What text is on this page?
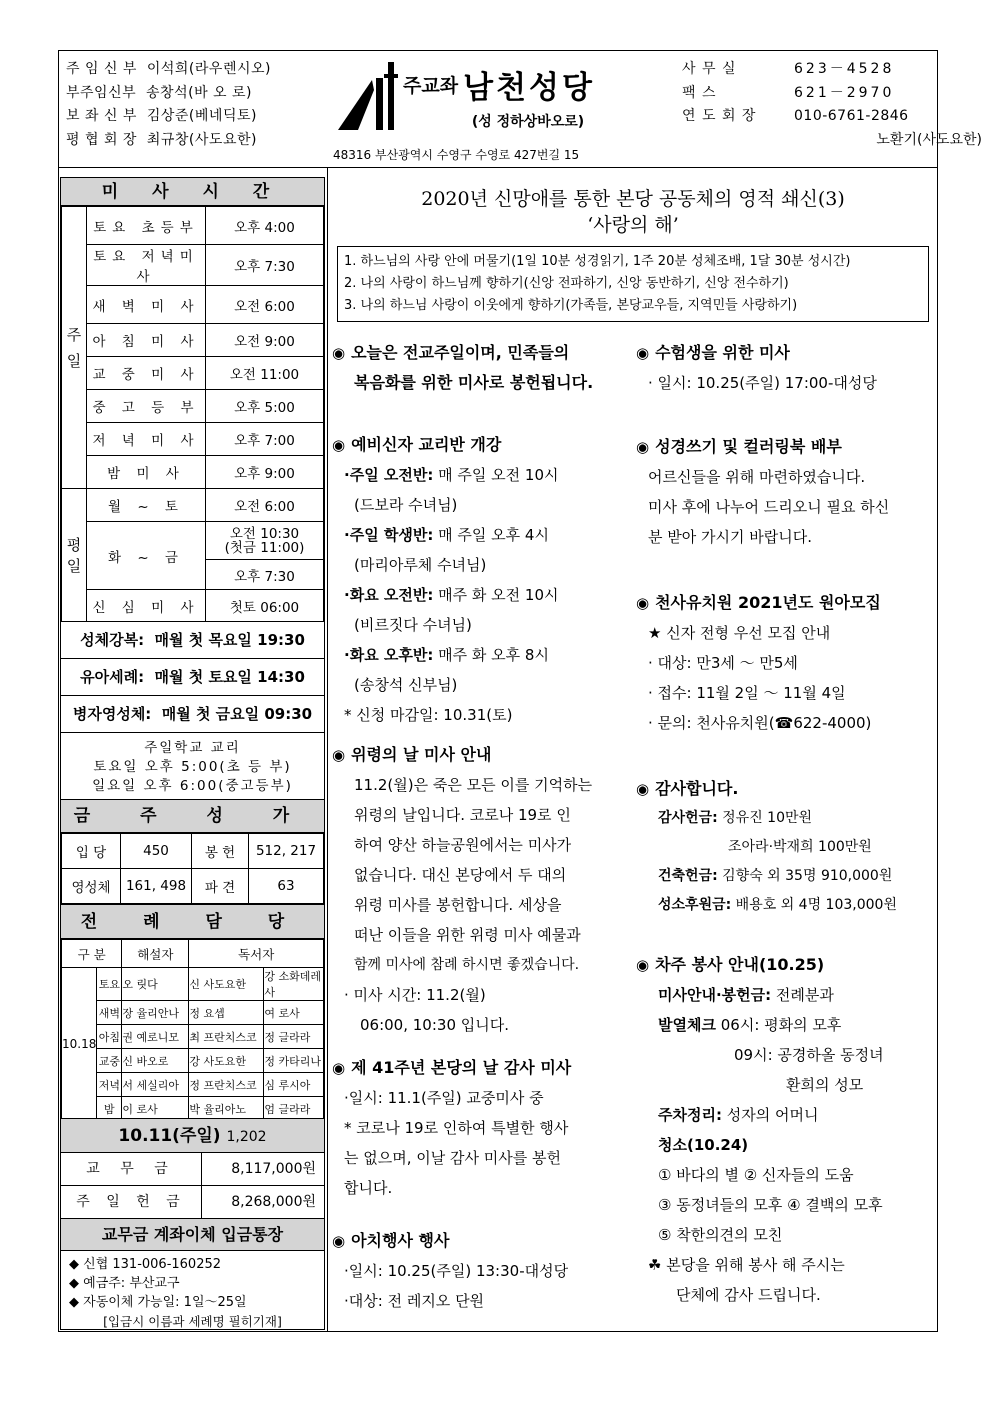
주 임 신 부 이석희(라우렌시오)
부주임신부 송창석(바 오 로)
보 좌 신 부 김상준(베네딕토)
평 협 회 장 최규창(사도요한)
주교좌 남천성당
(성 정하상바오로)
48316 부산광역시 수영구 수영로 427번길 15
사 무 실	623－4528
팩 스	621－2970
연 도 회 장	010-6761-2846
노환기(사도요한)
미 사 시 간
주일	토요 초등부	오후 4:00
	토요 저녁미사	오후 7:30
	새 벽 미 사	오전 6:00
	아 침 미 사	오전 9:00
	교 중 미 사	오전 11:00
	중 고 등 부	오후 5:00
	저 녁 미 사	오후 7:00
	밤 미 사	오후 9:00
평일	월 ~ 토	오전 6:00
	화 ~ 금	오전 10:30
(첫금 11:00)

		오후 7:30
	신 심 미 사	첫토 06:00
성체강복: 매월 첫 목요일 19:30
유아세례: 매월 첫 토요일 14:30
병자영성체: 매월 첫 금요일 09:30
주일학교 교리
토요일 오후 5:00(초 등 부)
일요일 오후 6:00(중고등부)
금 주 성 가
입 당	450	봉 헌	512, 217
영성체	161, 498	파 견	63
전 례 담 당
구 분		해설자	독서자	
10.18	토요	오 릿다	신 사도요한	강 소화데레사
	새벽	장 율리안나	정 요셉	여 로사
	아침	권 예로니모	최 프란치스코	정 글라라
	교중	신 바오로	강 사도요한	정 카타리나
	저녁	서 세실리아	정 프란치스코	심 루시아
	밤	이 로사	박 율리아노	엄 글라라
10.11(주일) 1,202
교 무 금	8,117,000원
주 일 헌 금	8,268,000원
교무금 계좌이체 입금통장
◆ 신협 131-006-160252
◆ 예금주: 부산교구
◆ 자동이체 가능일: 1일～25일
[입금시 이름과 세례명 필히기재]
2020년 신망애를 통한 본당 공동체의 영적 쇄신(3)
‘사랑의 해’
1. 하느님의 사랑 안에 머물기(1일 10분 성경읽기, 1주 20분 성체조배, 1달 30분 성시간)
2. 나의 사랑이 하느님께 향하기(신앙 전파하기, 신앙 동반하기, 신앙 전수하기)
3. 나의 하느님 사랑이 이웃에게 향하기(가족들, 본당교우들, 지역민들 사랑하기)
◉ 오늘은 전교주일이며, 민족들의
복음화를 위한 미사로 봉헌됩니다.
◉ 예비신자 교리반 개강
·주일 오전반: 매 주일 오전 10시
(드보라 수녀님)
·주일 학생반: 매 주일 오후 4시
(마리아루체 수녀님)
·화요 오전반: 매주 화 오전 10시
(비르짓다 수녀님)
·화요 오후반: 매주 화 오후 8시
(송창석 신부님)
* 신청 마감일: 10.31(토)
◉ 위령의 날 미사 안내
11.2(월)은 죽은 모든 이를 기억하는
위령의 날입니다. 코로나 19로 인
하여 양산 하늘공원에서는 미사가
없습니다. 대신 본당에서 두 대의
위령 미사를 봉헌합니다. 세상을
떠난 이들을 위한 위령 미사 예물과
함께 미사에 참례 하시면 좋겠습니다.
· 미사 시간: 11.2(월)
06:00, 10:30 입니다.
◉ 제 41주년 본당의 날 감사 미사
·일시: 11.1(주일) 교중미사 중
* 코로나 19로 인하여 특별한 행사
는 없으며, 이날 감사 미사를 봉헌
합니다.
◉ 아치행사 행사
·일시: 10.25(주일) 13:30-대성당
·대상: 전 레지오 단원
◉ 수험생을 위한 미사
· 일시: 10.25(주일) 17:00-대성당
◉ 성경쓰기 및 컬러링북 배부
어르신들을 위해 마련하였습니다.
미사 후에 나누어 드리오니 필요 하신
분 받아 가시기 바랍니다.
◉ 천사유치원 2021년도 원아모집
★ 신자 전형 우선 모집 안내
· 대상: 만3세 ～ 만5세
· 접수: 11월 2일 ～ 11월 4일
· 문의: 천사유치원(☎622-4000)
◉ 감사합니다.
감사헌금: 정유진 10만원
조아라·박재희 100만원
건축헌금: 김향숙 외 35명 910,000원
성소후원금: 배용호 외 4명 103,000원
◉ 차주 봉사 안내(10.25)
미사안내·봉헌금: 전례분과
발열체크 06시: 평화의 모후
09시: 공경하올 동정녀
환희의 성모
주차정리: 성자의 어머니
청소(10.24)
① 바다의 별 ② 신자들의 도움
③ 동정녀들의 모후 ④ 결백의 모후
⑤ 착한의견의 모친
☘ 본당을 위해 봉사 해 주시는
단체에 감사 드립니다.
